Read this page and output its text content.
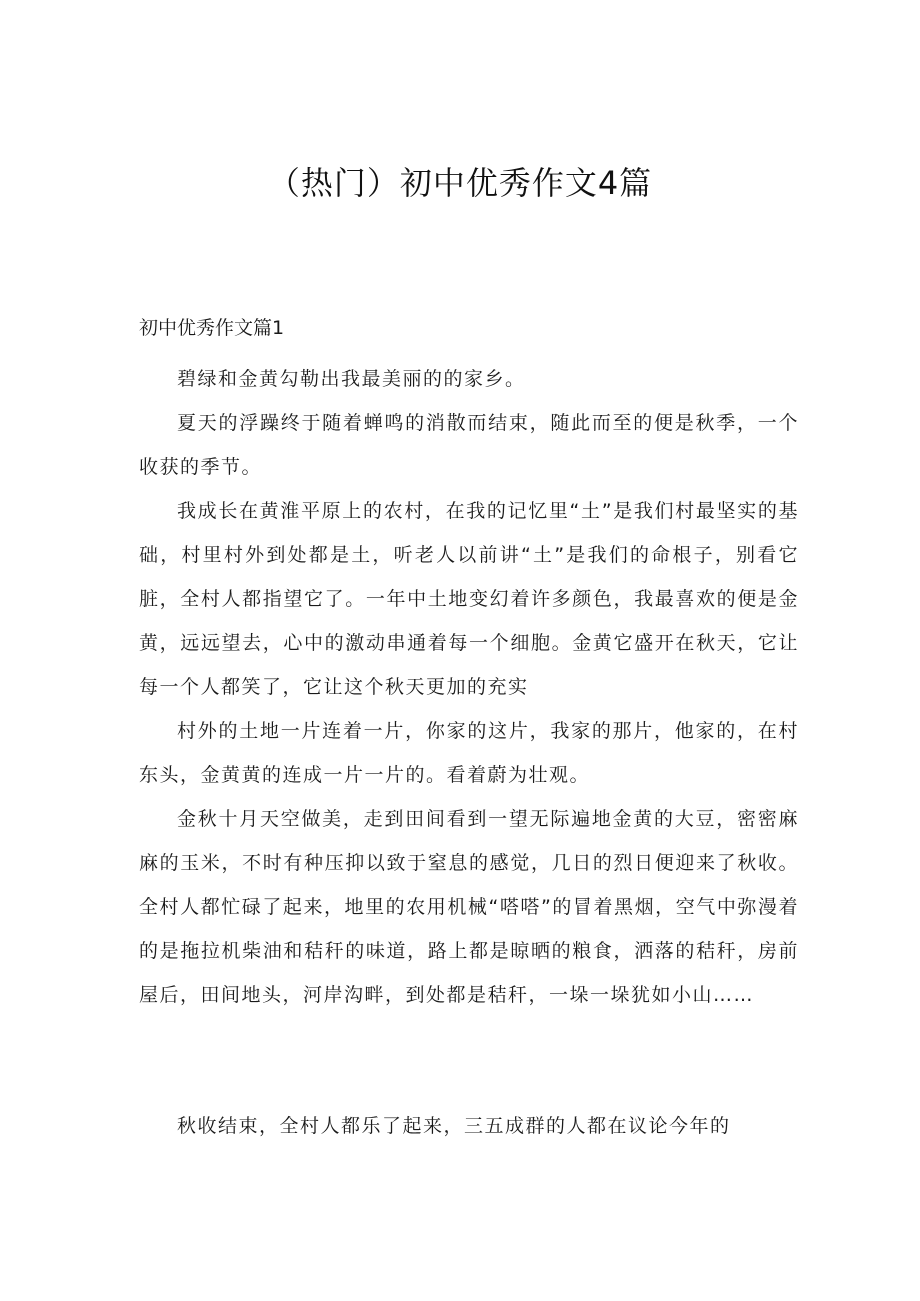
（热门）初中优秀作文4篇
初中优秀作文篇1

碧绿和金黄勾勒出我最美丽的的家乡。

夏天的浮躁终于随着蝉鸣的消散而结束，随此而至的便是秋季，一个收获的季节。

我成长在黄淮平原上的农村，在我的记忆里“土”是我们村最坚实的基础，村里村外到处都是土，听老人以前讲“土”是我们的命根子，别看它脏，全村人都指望它了。一年中土地变幻着许多颜色，我最喜欢的便是金黄，远远望去，心中的激动串通着每一个细胞。金黄它盛开在秋天，它让每一个人都笑了，它让这个秋天更加的充实

村外的土地一片连着一片，你家的这片，我家的那片，他家的，在村东头，金黄黄的连成一片一片的。看着蔚为壮观。

金秋十月天空做美，走到田间看到一望无际遍地金黄的大豆，密密麻麻的玉米，不时有种压抑以致于窒息的感觉，几日的烈日便迎来了秋收。全村人都忙碌了起来，地里的农用机械“嗒嗒”的冒着黑烟，空气中弥漫着的是拖拉机柴油和秸秆的味道，路上都是晾晒的粮食，洒落的秸秆，房前屋后，田间地头，河岸沟畔，到处都是秸秆，一垛一垛犹如小山……

秋收结束，全村人都乐了起来，三五成群的人都在议论今年的
